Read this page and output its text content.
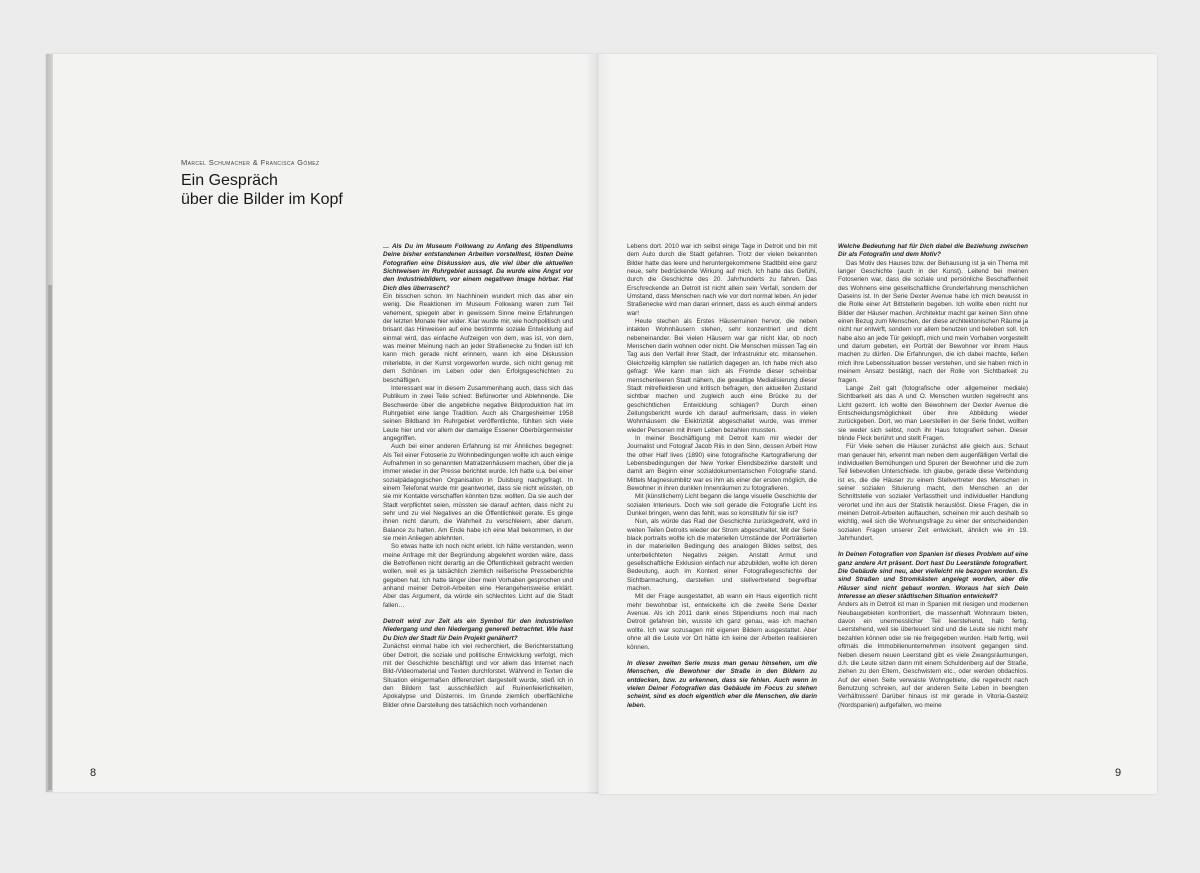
Marcel Schumacher & Francisca Gómez
Ein Gespräch
über die Bilder im Kopf

… Als Du im Museum Folkwang zu Anfang des Stipendiums Deine bisher entstandenen Arbeiten vorstelltest, lösten Deine Fotografien eine Diskussion aus, die viel über die aktuellen Sichtweisen im Ruhrgebiet aussagt. Da wurde eine Angst vor den Industriebildern, vor einem negativen Image hörbar. Hat Dich dies überrascht?

Ein bisschen schon. Im Nachhinein wundert mich das aber ein wenig. Die Reaktionen im Museum Folkwang waren zum Teil vehement, spiegeln aber in gewissem Sinne meine Erfahrungen der letzten Monate hier wider. Klar wurde mir, wie hochpolitisch und brisant das Hinweisen auf eine bestimmte soziale Entwicklung auf einmal wird, das einfache Aufzeigen von dem, was ist, von dem, was meiner Meinung nach an jeder Straßenecke zu finden ist! Ich kann mich gerade nicht erinnern, wann ich eine Diskussion miterlebte, in der Kunst vorgeworfen wurde, sich nicht genug mit dem Schönen im Leben oder den Erfolgsgeschichten zu beschäftigen.

Interessant war in diesem Zusammenhang auch, dass sich das Publikum in zwei Teile schied: Befürworter und Ablehnende. Die Beschwerde über die angebliche negative Bildproduktion hat im Ruhrgebiet eine lange Tradition. Auch als Chargesheimer 1958 seinen Bildband Im Ruhrgebiet veröffentlichte, fühlten sich viele Leute hier und vor allem der damalige Essener Oberbürgermeister angegriffen.

Auch bei einer anderen Erfahrung ist mir Ähnliches begegnet: Als Teil einer Fotoserie zu Wohnbedingungen wollte ich auch einige Aufnahmen in so genannten Matratzenhäusern machen, über die ja immer wieder in der Presse berichtet wurde. Ich hatte u.a. bei einer sozialpädagogischen Organisation in Duisburg nachgefragt. In einem Telefonat wurde mir geantwortet, dass sie nicht wüssten, ob sie mir Kontakte verschaffen könnten bzw. wollten. Da sie auch der Stadt verpflichtet seien, müssten sie darauf achten, dass nicht zu sehr und zu viel Negatives an die Öffentlichkeit gerate. Es ginge ihnen nicht darum, die Wahrheit zu verschleiern, aber darum, Balance zu halten. Am Ende habe ich eine Mail bekommen, in der sie mein Anliegen ablehnten.

So etwas hatte ich noch nicht erlebt. Ich hätte verstanden, wenn meine Anfrage mit der Begründung abgelehnt worden wäre, dass die Betroffenen nicht derartig an die Öffentlichkeit gebracht werden wollen, weil es ja tatsächlich ziemlich reißerische Presseberichte gegeben hat. Ich hatte länger über mein Vorhaben gesprochen und anhand meiner Detroit-Arbeiten eine Herangehensweise erklärt. Aber das Argument, da würde ein schlechtes Licht auf die Stadt fallen…

Detroit wird zur Zeit als ein Symbol für den industriellen Niedergang und den Niedergang generell betrachtet. Wie hast Du Dich der Stadt für Dein Projekt genähert?

Zunächst einmal habe ich viel recherchiert, die Berichterstattung über Detroit, die soziale und politische Entwicklung verfolgt, mich mit der Geschichte beschäftigt und vor allem das Internet nach Bild-/Videomaterial und Texten durchforstet. Während in Texten die Situation einigermaßen differenziert dargestellt wurde, stieß ich in den Bildern fast ausschließlich auf Ruinenfeierlichkeiten, Apokalypse und Düsternis. Im Grunde ziemlich oberflächliche Bilder ohne Darstellung des tatsächlich noch vorhandenen

Lebens dort. 2010 war ich selbst einige Tage in Detroit und bin mit dem Auto durch die Stadt gefahren. Trotz der vielen bekannten Bilder hatte das leere und heruntergekommene Stadtbild eine ganz neue, sehr bedrückende Wirkung auf mich. Ich hatte das Gefühl, durch die Geschichte des 20. Jahrhunderts zu fahren. Das Erschreckende an Detroit ist nicht allein sein Verfall, sondern der Umstand, dass Menschen nach wie vor dort normal leben. An jeder Straßenecke wird man daran erinnert, dass es auch einmal anders war!

Heute stechen als Erstes Häuserruinen hervor, die neben intakten Wohnhäusern stehen, sehr konzentriert und dicht nebeneinander. Bei vielen Häusern war gar nicht klar, ob noch Menschen darin wohnen oder nicht. Die Menschen müssen Tag ein Tag aus den Verfall ihrer Stadt, der Infrastruktur etc. mitansehen. Gleichzeitig kämpfen sie natürlich dagegen an. Ich habe mich also gefragt: Wie kann man sich als Fremde dieser scheinbar menschenleeren Stadt nähern, die gewaltige Medialisierung dieser Stadt mitreflektieren und kritisch befragen, den aktuellen Zustand sichtbar machen und zugleich auch eine Brücke zu der geschichtlichen Entwicklung schlagen? Durch einen Zeitungsbericht wurde ich darauf aufmerksam, dass in vielen Wohnhäusern die Elektrizität abgeschaltet wurde, was immer wieder Personen mit ihrem Leben bezahlen mussten.

In meiner Beschäftigung mit Detroit kam mir wieder der Journalist und Fotograf Jacob Riis in den Sinn, dessen Arbeit How the other Half lives (1890) eine fotografische Kartografierung der Lebensbedingungen der New Yorker Elendsbezirke darstellt und damit am Beginn einer sozialdokumentarischen Fotografie stand. Mittels Magnesiumblitz war es ihm als einer der ersten möglich, die Bewohner in ihren dunklen Innenräumen zu fotografieren.

Mit (künstlichem) Licht begann die lange visuelle Geschichte der sozialen Interieurs. Doch wie soll gerade die Fotografie Licht ins Dunkel bringen, wenn das fehlt, was so konstitutiv für sie ist?

Nun, als würde das Rad der Geschichte zurückgedreht, wird in weiten Teilen Detroits wieder der Strom abgeschaltet. Mit der Serie black portraits wollte ich die materiellen Umstände der Porträtierten in der materiellen Bedingung des analogen Bildes selbst, des unterbelichteten Negativs zeigen. Anstatt Armut und gesellschaftliche Exklusion einfach nur abzubilden, wollte ich deren Bedeutung, auch im Kontext einer Fotografiegeschichte der Sichtbarmachung, darstellen und stellvertretend begreifbar machen.

Mit der Frage ausgestattet, ab wann ein Haus eigentlich nicht mehr bewohnbar ist, entwickelte ich die zweite Serie Dexter Avenue. Als ich 2011 dank eines Stipendiums noch mal nach Detroit gefahren bin, wusste ich ganz genau, was ich machen wollte. Ich war sozusagen mit eigenen Bildern ausgestattet. Aber ohne all die Leute vor Ort hätte ich keine der Arbeiten realisieren können.

In dieser zweiten Serie muss man genau hinsehen, um die Menschen, die Bewohner der Straße in den Bildern zu entdecken, bzw. zu erkennen, dass sie fehlen. Auch wenn in vielen Deiner Fotografien das Gebäude im Focus zu stehen scheint, sind es doch eigentlich eher die Menschen, die darin leben.

Welche Bedeutung hat für Dich dabei die Beziehung zwischen Dir als Fotografin und dem Motiv?

Das Motiv des Hauses bzw. der Behausung ist ja ein Thema mit langer Geschichte (auch in der Kunst). Leitend bei meinen Fotoserien war, dass die soziale und persönliche Beschaffenheit des Wohnens eine gesellschaftliche Grunderfahrung menschlichen Daseins ist. In der Serie Dexter Avenue habe ich mich bewusst in die Rolle einer Art Bittstellerin begeben. Ich wollte eben nicht nur Bilder der Häuser machen. Architektur macht gar keinen Sinn ohne einen Bezug zum Menschen, der diese architektonischen Räume ja nicht nur entwirft, sondern vor allem benutzen und beleben soll. Ich habe also an jede Tür geklopft, mich und mein Vorhaben vorgestellt und darum gebeten, ein Porträt der Bewohner vor ihrem Haus machen zu dürfen. Die Erfahrungen, die ich dabei machte, ließen mich ihre Lebenssituation besser verstehen, und sie haben mich in meinem Ansatz bestätigt, nach der Rolle von Sichtbarkeit zu fragen.

Lange Zeit galt (fotografische oder allgemeiner mediale) Sichtbarkeit als das A und O. Menschen wurden regelrecht ans Licht gezerrt. Ich wollte den Bewohnern der Dexter Avenue die Entscheidungsmöglichkeit über ihre Abbildung wieder zurückgeben. Dort, wo man Leerstellen in der Serie findet, wollten sie weder sich selbst, noch ihr Haus fotografiert sehen. Dieser blinde Fleck berührt und stellt Fragen.

Für Viele sehen die Häuser zunächst alle gleich aus. Schaut man genauer hin, erkennt man neben dem augenfälligen Verfall die individuellen Bemühungen und Spuren der Bewohner und die zum Teil liebevollen Unterschiede. Ich glaube, gerade diese Verbindung ist es, die die Häuser zu einem Stellvertreter des Menschen in seiner sozialen Situierung macht, den Menschen an der Schnittstelle von sozialer Verfasstheit und individueller Handlung verortet und ihn aus der Statistik herauslöst. Diese Fragen, die in meinen Detroit-Arbeiten auftauchen, scheinen mir auch deshalb so wichtig, weil sich die Wohnungsfrage zu einer der entscheidenden sozialen Fragen unserer Zeit entwickelt, ähnlich wie im 19. Jahrhundert.

In Deinen Fotografien von Spanien ist dieses Problem auf eine ganz andere Art präsent. Dort hast Du Leerstände fotografiert. Die Gebäude sind neu, aber vielleicht nie bezogen worden. Es sind Straßen und Stromkästen angelegt worden, aber die Häuser sind nicht gebaut worden. Woraus hat sich Dein Interesse an dieser städtischen Situation entwickelt?

Anders als in Detroit ist man in Spanien mit riesigen und modernen Neubaugebieten konfrontiert, die massenhaft Wohnraum bieten, davon ein unermesslicher Teil leerstehend, halb fertig. Leerstehend, weil sie überteuert sind und die Leute sie nicht mehr bezahlen können oder sie nie freigegeben wurden. Halb fertig, weil oftmals die Immobilienunternehmen insolvent gegangen sind. Neben diesem neuen Leerstand gibt es viele Zwangsräumungen, d.h. die Leute sitzen dann mit einem Schuldenberg auf der Straße, ziehen zu den Eltern, Geschwistern etc., oder werden obdachlos. Auf der einen Seite verwaiste Wohngebiete, die regelrecht nach Benutzung schreien, auf der anderen Seite Leben in beengten Verhältnissen! Darüber hinaus ist mir gerade in Vitoria-Gasteiz (Nordspanien) aufgefallen, wo meine

8	9
